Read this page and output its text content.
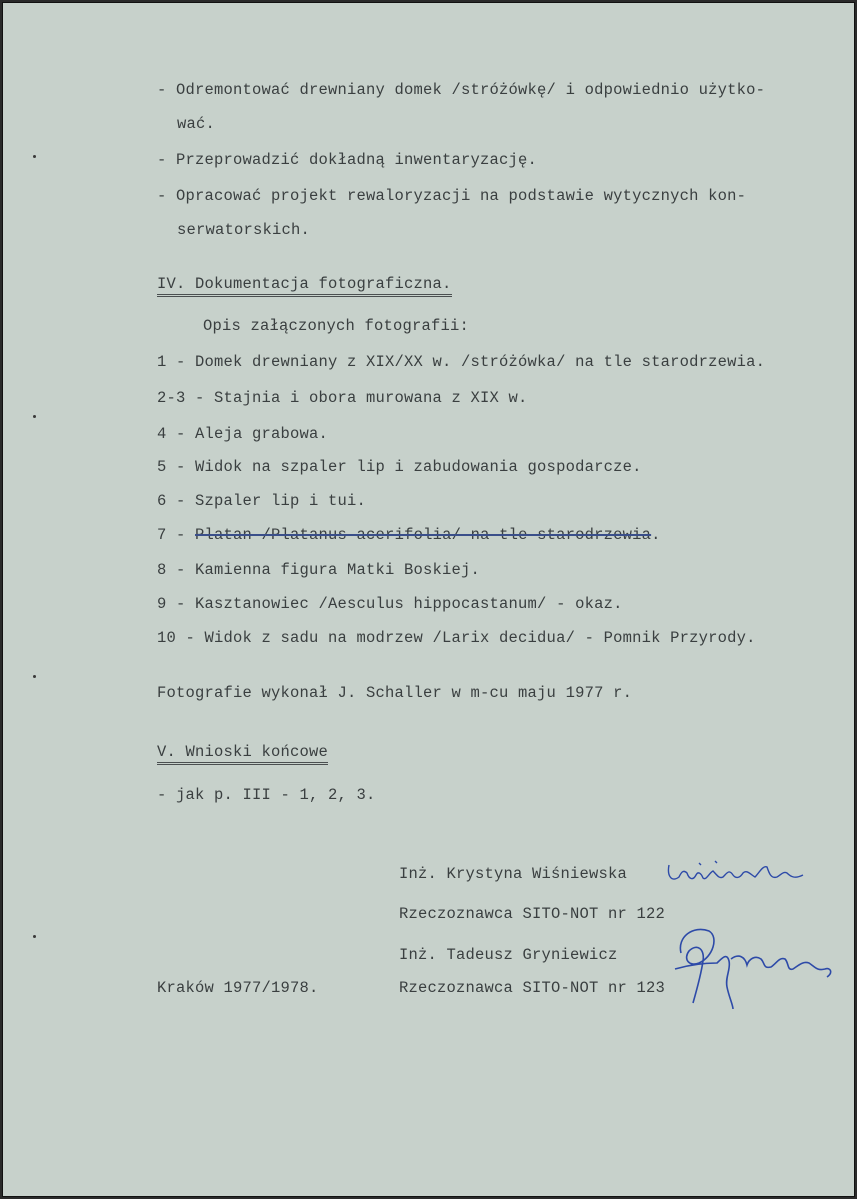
- Odremontować drewniany domek /stróżówkę/ i odpowiednio użytko-
wać.
- Przeprowadzić dokładną inwentaryzację.
- Opracować projekt rewaloryzacji na podstawie wytycznych kon-
serwatorskich.
IV. Dokumentacja fotograficzna.
Opis załączonych fotografii:
1 - Domek drewniany z XIX/XX w. /stróżówka/ na tle starodrzewia.
2-3 - Stajnia i obora murowana z XIX w.
4 - Aleja grabowa.
5 - Widok na szpaler lip i zabudowania gospodarcze.
6 - Szpaler lip i tui.
7 - Platan /Platanus acerifolia/ na tle starodrzewia.
8 - Kamienna figura Matki Boskiej.
9 - Kasztanowiec /Aesculus hippocastanum/ - okaz.
10 - Widok z sadu na modrzew /Larix decidua/ - Pomnik Przyrody.
Fotografie wykonał J. Schaller w m-cu maju 1977 r.
V. Wnioski końcowe
- jak p. III - 1, 2, 3.
Inż. Krystyna Wiśniewska
Rzeczoznawca SITO-NOT nr 122
Inż. Tadeusz Gryniewicz
Rzeczoznawca SITO-NOT nr 123
Kraków 1977/1978.
